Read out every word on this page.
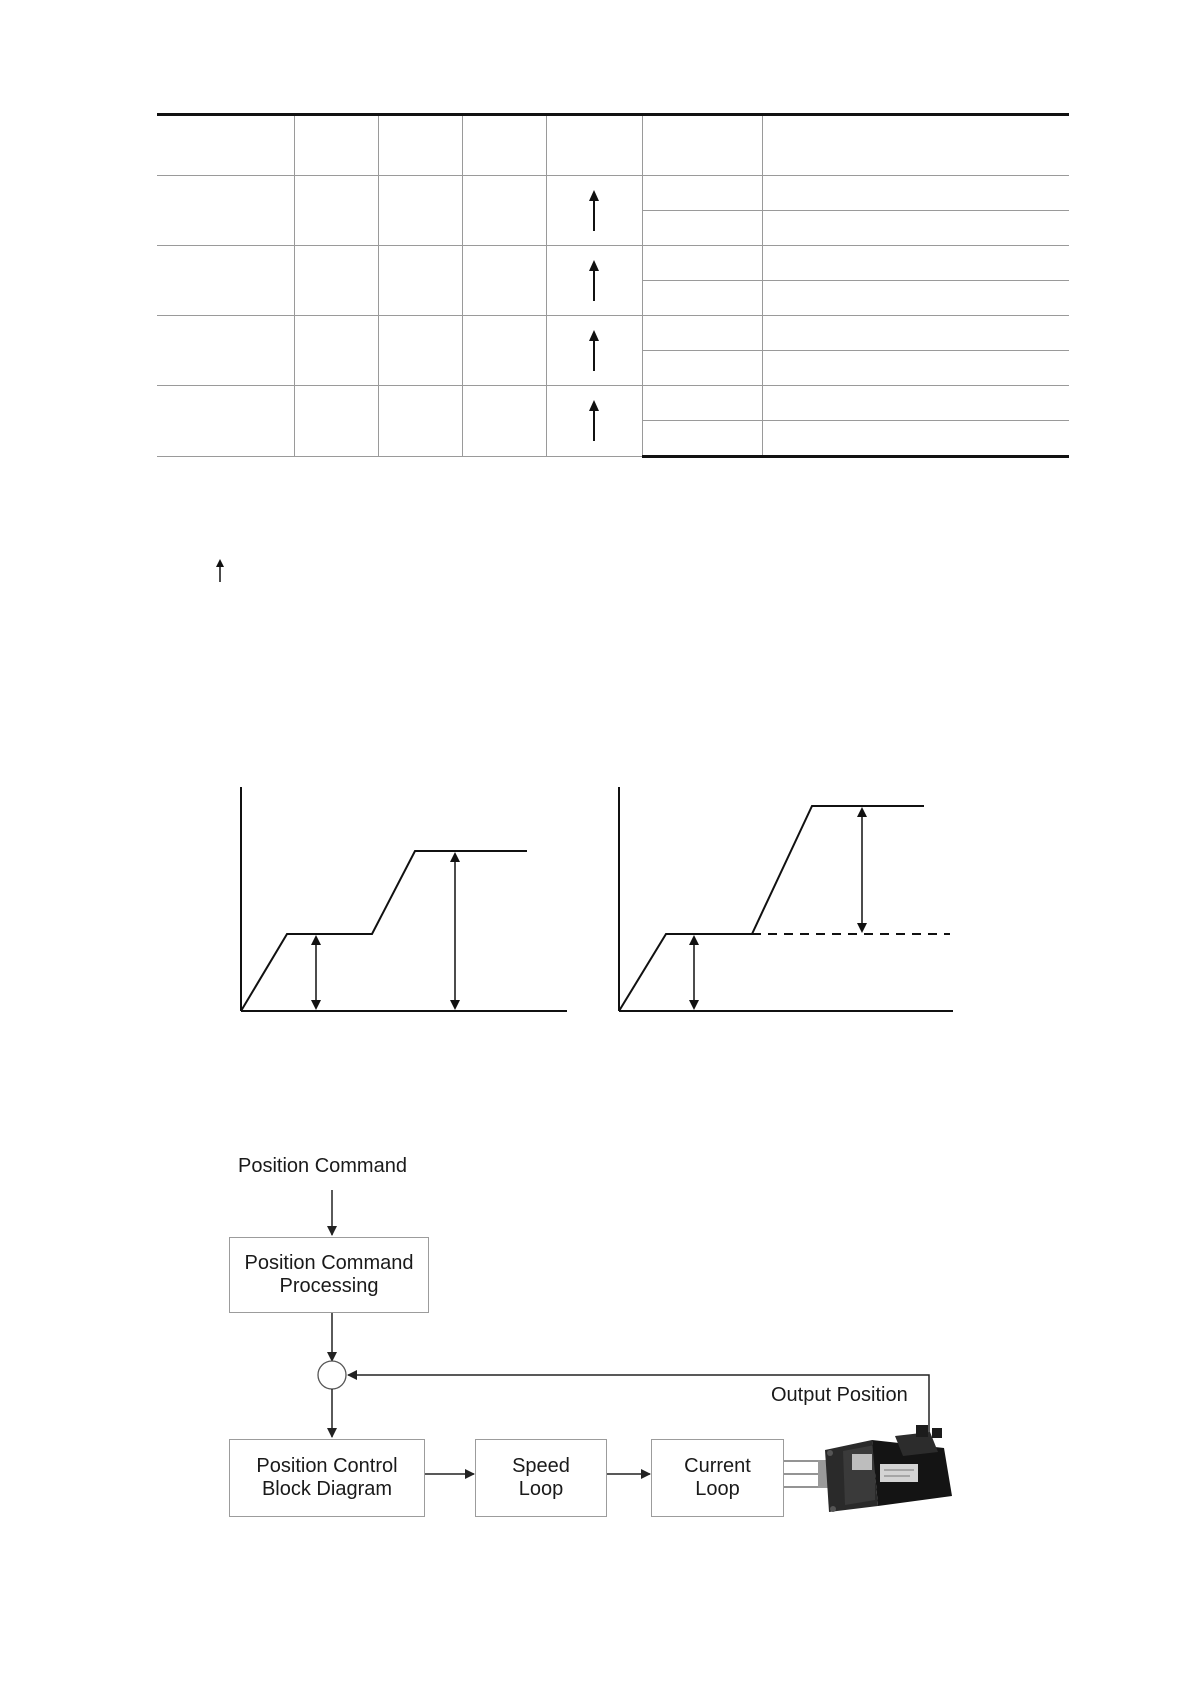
Position Command
Position Command
Processing
Output Position
Position Control
Block Diagram
Speed
Loop
Current
Loop
